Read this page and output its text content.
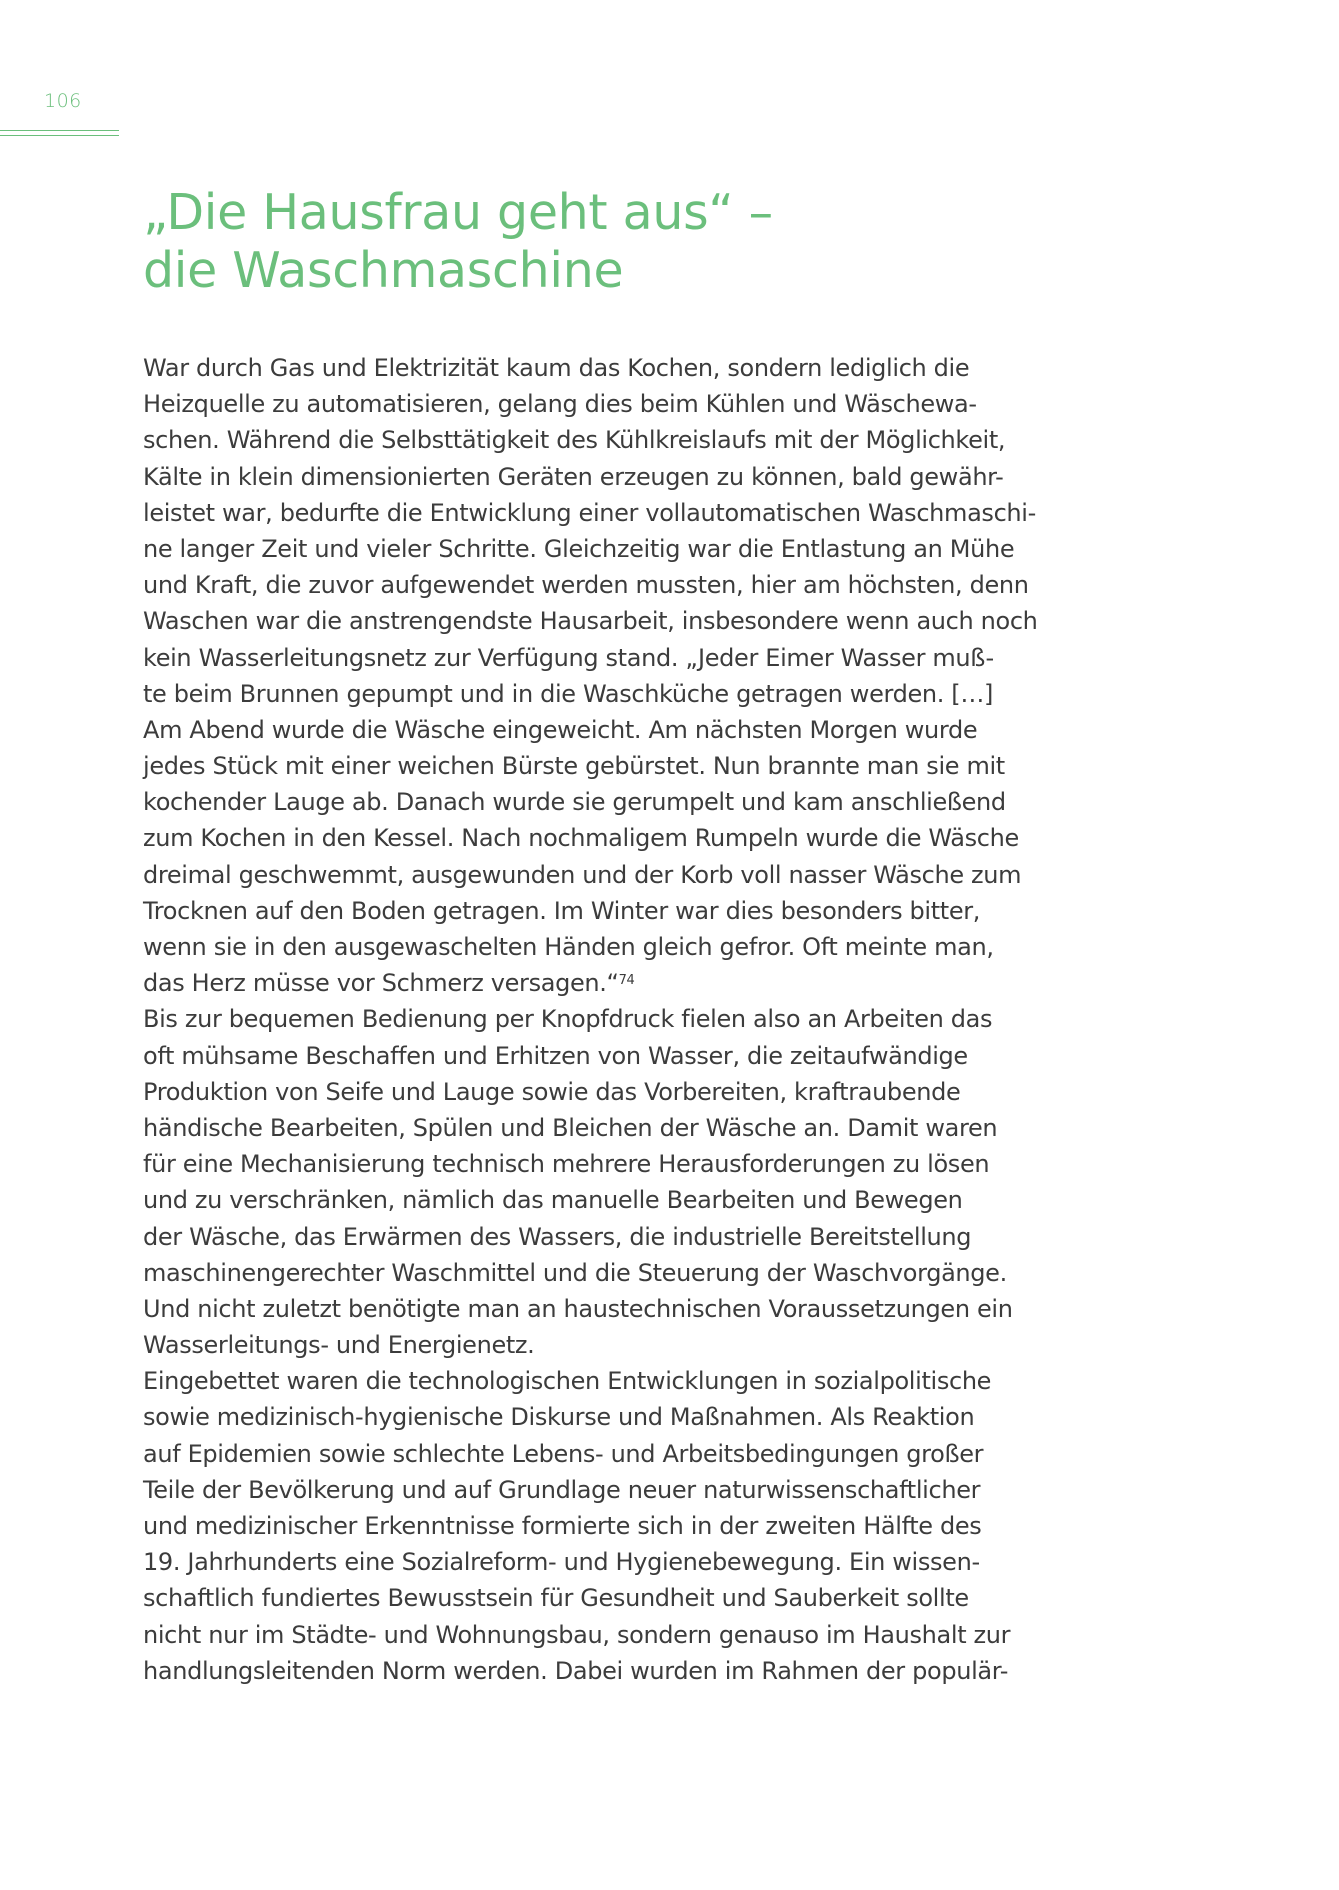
106
„Die Hausfrau geht aus“ –
die Waschmaschine
War durch Gas und Elektrizität kaum das Kochen, sondern lediglich die
Heizquelle zu automatisieren, gelang dies beim Kühlen und Wäschewa-
schen. Während die Selbsttätigkeit des Kühlkreislaufs mit der Möglichkeit,
Kälte in klein dimensionierten Geräten erzeugen zu können, bald gewähr-
leistet war, bedurfte die Entwicklung einer vollautomatischen Waschmaschi-
ne langer Zeit und vieler Schritte. Gleichzeitig war die Entlastung an Mühe
und Kraft, die zuvor aufgewendet werden mussten, hier am höchsten, denn
Waschen war die anstrengendste Hausarbeit, insbesondere wenn auch noch
kein Wasserleitungsnetz zur Verfügung stand. „Jeder Eimer Wasser muß-
te beim Brunnen gepumpt und in die Waschküche getragen werden. […]
Am Abend wurde die Wäsche eingeweicht. Am nächsten Morgen wurde
jedes Stück mit einer weichen Bürste gebürstet. Nun brannte man sie mit
kochender Lauge ab. Danach wurde sie gerumpelt und kam anschließend
zum Kochen in den Kessel. Nach nochmaligem Rumpeln wurde die Wäsche
dreimal geschwemmt, ausgewunden und der Korb voll nasser Wäsche zum
Trocknen auf den Boden getragen. Im Winter war dies besonders bitter,
wenn sie in den ausgewaschelten Händen gleich gefror. Oft meinte man,
das Herz müsse vor Schmerz versagen.“$^{74}$
Bis zur bequemen Bedienung per Knopfdruck fielen also an Arbeiten das
oft mühsame Beschaffen und Erhitzen von Wasser, die zeitaufwändige
Produktion von Seife und Lauge sowie das Vorbereiten, kraftraubende
händische Bearbeiten, Spülen und Bleichen der Wäsche an. Damit waren
für eine Mechanisierung technisch mehrere Herausforderungen zu lösen
und zu verschränken, nämlich das manuelle Bearbeiten und Bewegen
der Wäsche, das Erwärmen des Wassers, die industrielle Bereitstellung
maschinengerechter Waschmittel und die Steuerung der Waschvorgänge.
Und nicht zuletzt benötigte man an haustechnischen Voraussetzungen ein
Wasserleitungs- und Energienetz.
Eingebettet waren die technologischen Entwicklungen in sozialpolitische
sowie medizinisch-hygienische Diskurse und Maßnahmen. Als Reaktion
auf Epidemien sowie schlechte Lebens- und Arbeitsbedingungen großer
Teile der Bevölkerung und auf Grundlage neuer naturwissenschaftlicher
und medizinischer Erkenntnisse formierte sich in der zweiten Hälfte des
19. Jahrhunderts eine Sozialreform- und Hygienebewegung. Ein wissen-
schaftlich fundiertes Bewusstsein für Gesundheit und Sauberkeit sollte
nicht nur im Städte- und Wohnungsbau, sondern genauso im Haushalt zur
handlungsleitenden Norm werden. Dabei wurden im Rahmen der populär-
